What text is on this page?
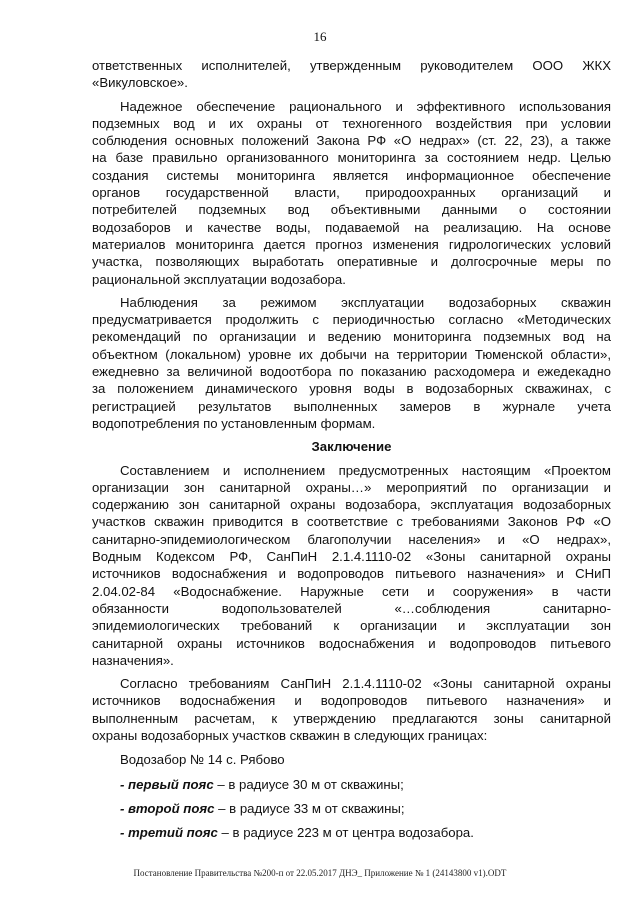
16
ответственных исполнителей, утвержденным руководителем ООО ЖКХ
«Викуловское».
Надежное обеспечение рационального и эффективного использования
подземных вод и их охраны от техногенного воздействия при условии
соблюдения основных положений Закона РФ «О недрах» (ст. 22, 23), а также
на базе правильно организованного мониторинга за состоянием недр. Целью
создания системы мониторинга является информационное обеспечение
органов государственной власти, природоохранных организаций и
потребителей подземных вод объективными данными о состоянии
водозаборов и качестве воды, подаваемой на реализацию. На основе
материалов мониторинга дается прогноз изменения гидрологических условий
участка, позволяющих выработать оперативные и долгосрочные меры по
рациональной эксплуатации водозабора.
Наблюдения за режимом эксплуатации водозаборных скважин
предусматривается продолжить с периодичностью согласно «Методических
рекомендаций по организации и ведению мониторинга подземных вод на
объектном (локальном) уровне их добычи на территории Тюменской области»,
ежедневно за величиной водоотбора по показанию расходомера и ежедекадно
за положением динамического уровня воды в водозаборных скважинах, с
регистрацией результатов выполненных замеров в журнале учета
водопотребления по установленным формам.
Заключение
Составлением и исполнением предусмотренных настоящим «Проектом
организации зон санитарной охраны…» мероприятий по организации и
содержанию зон санитарной охраны водозабора, эксплуатация водозаборных
участков скважин приводится в соответствие с требованиями Законов РФ «О
санитарно-эпидемиологическом благополучии населения» и «О недрах»,
Водным Кодексом РФ, СанПиН 2.1.4.1110-02 «Зоны санитарной охраны
источников водоснабжения и водопроводов питьевого назначения» и СНиП
2.04.02-84 «Водоснабжение. Наружные сети и сооружения» в части
обязанности водопользователей «…соблюдения санитарно-
эпидемиологических требований к организации и эксплуатации зон
санитарной охраны источников водоснабжения и водопроводов питьевого
назначения».
Согласно требованиям СанПиН 2.1.4.1110-02 «Зоны санитарной охраны
источников водоснабжения и водопроводов питьевого назначения» и
выполненным расчетам, к утверждению предлагаются зоны санитарной
охраны водозаборных участков скважин в следующих границах:
Водозабор № 14 с. Рябово
- первый пояс – в радиусе 30 м от скважины;
- второй пояс – в радиусе 33 м от скважины;
- третий пояс – в радиусе 223 м от центра водозабора.
Постановление Правительства №200-п от 22.05.2017 ДНЭ_ Приложение № 1 (24143800 v1).ODT
